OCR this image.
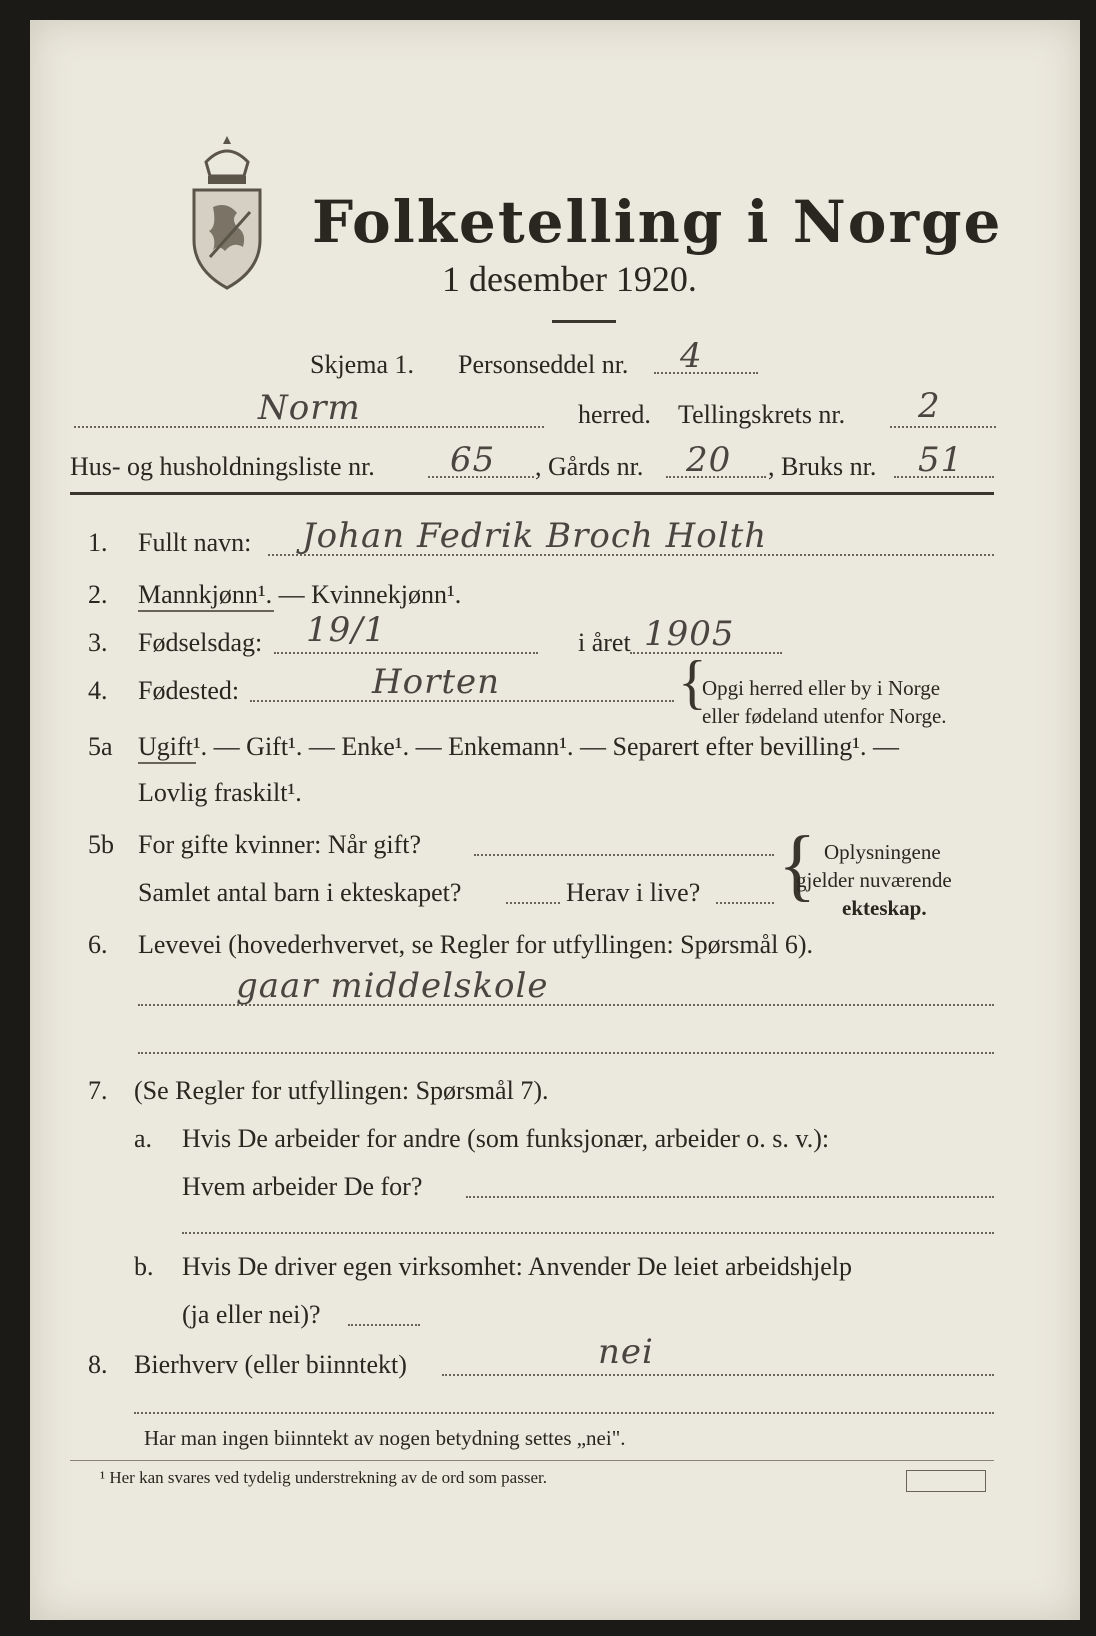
Folketelling i Norge
1 desember 1920.
Skjema 1. Personseddel nr. 4
Norm	herred. Tellingskrets nr. 2
Hus- og husholdningsliste nr. 65 , Gårds nr. 20 , Bruks nr. 51
1. Fullt navn: Johan Fedrik Broch Holth
2. Mannkjønn¹. — Kvinnekjønn¹.
3. Fødselsdag: 19/1	i året 1905
4. Fødested:	Horten	{
Opgi herred eller by i Norge
eller fødeland utenfor Norge.
5a Ugift¹. — Gift¹. — Enke¹. — Enkemann¹. — Separert efter bevilling¹. —
Lovlig fraskilt¹.
5b For gifte kvinner: Når gift?
Samlet antal barn i ekteskapet?	Herav i live? { Oplysningene
gjelder nuværende
ekteskap.
6. Levevei (hovederhvervet, se Regler for utfyllingen: Spørsmål 6).
gaar middelskole
7. (Se Regler for utfyllingen: Spørsmål 7).
a. Hvis De arbeider for andre (som funksjonær, arbeider o. s. v.):
Hvem arbeider De for?
b. Hvis De driver egen virksomhet: Anvender De leiet arbeidshjelp
(ja eller nei)?
8. Bierhverv (eller biinntekt)	nei
Har man ingen biinntekt av nogen betydning settes „nei".
¹ Her kan svares ved tydelig understrekning av de ord som passer.
